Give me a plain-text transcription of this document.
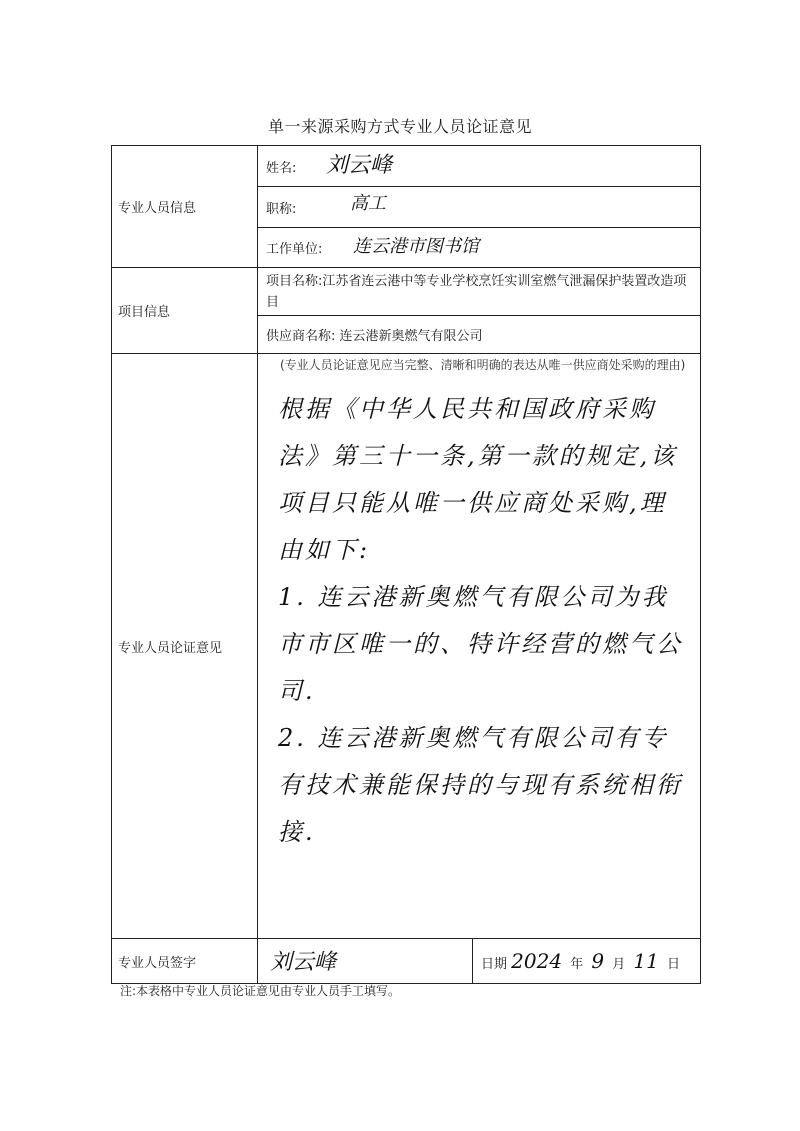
单一来源采购方式专业人员论证意见
专业人员信息	姓名: 刘云峰	

	职称: 高工	

	工作单位: 连云港市图书馆	

项目信息	项目名称:江苏省连云港中等专业学校烹饪实训室燃气泄漏保护装置改造项目	
	供应商名称: 连云港新奥燃气有限公司	
专业人员论证意见	(专业人员论证意见应当完整、清晰和明确的表达从唯一供应商处采购的理由)
根据《中华人民共和国政府采购法》第三十一条,第一款的规定,该项目只能从唯一供应商处采购,理由如下:
1. 连云港新奥燃气有限公司为我市市区唯一的、特许经营的燃气公司.
2. 连云港新奥燃气有限公司有专有技术兼能保持的与现有系统相衔接.	

专业人员签字	刘云峰	日期 2024 年 9 月 11 日
注:本表格中专业人员论证意见由专业人员手工填写。
